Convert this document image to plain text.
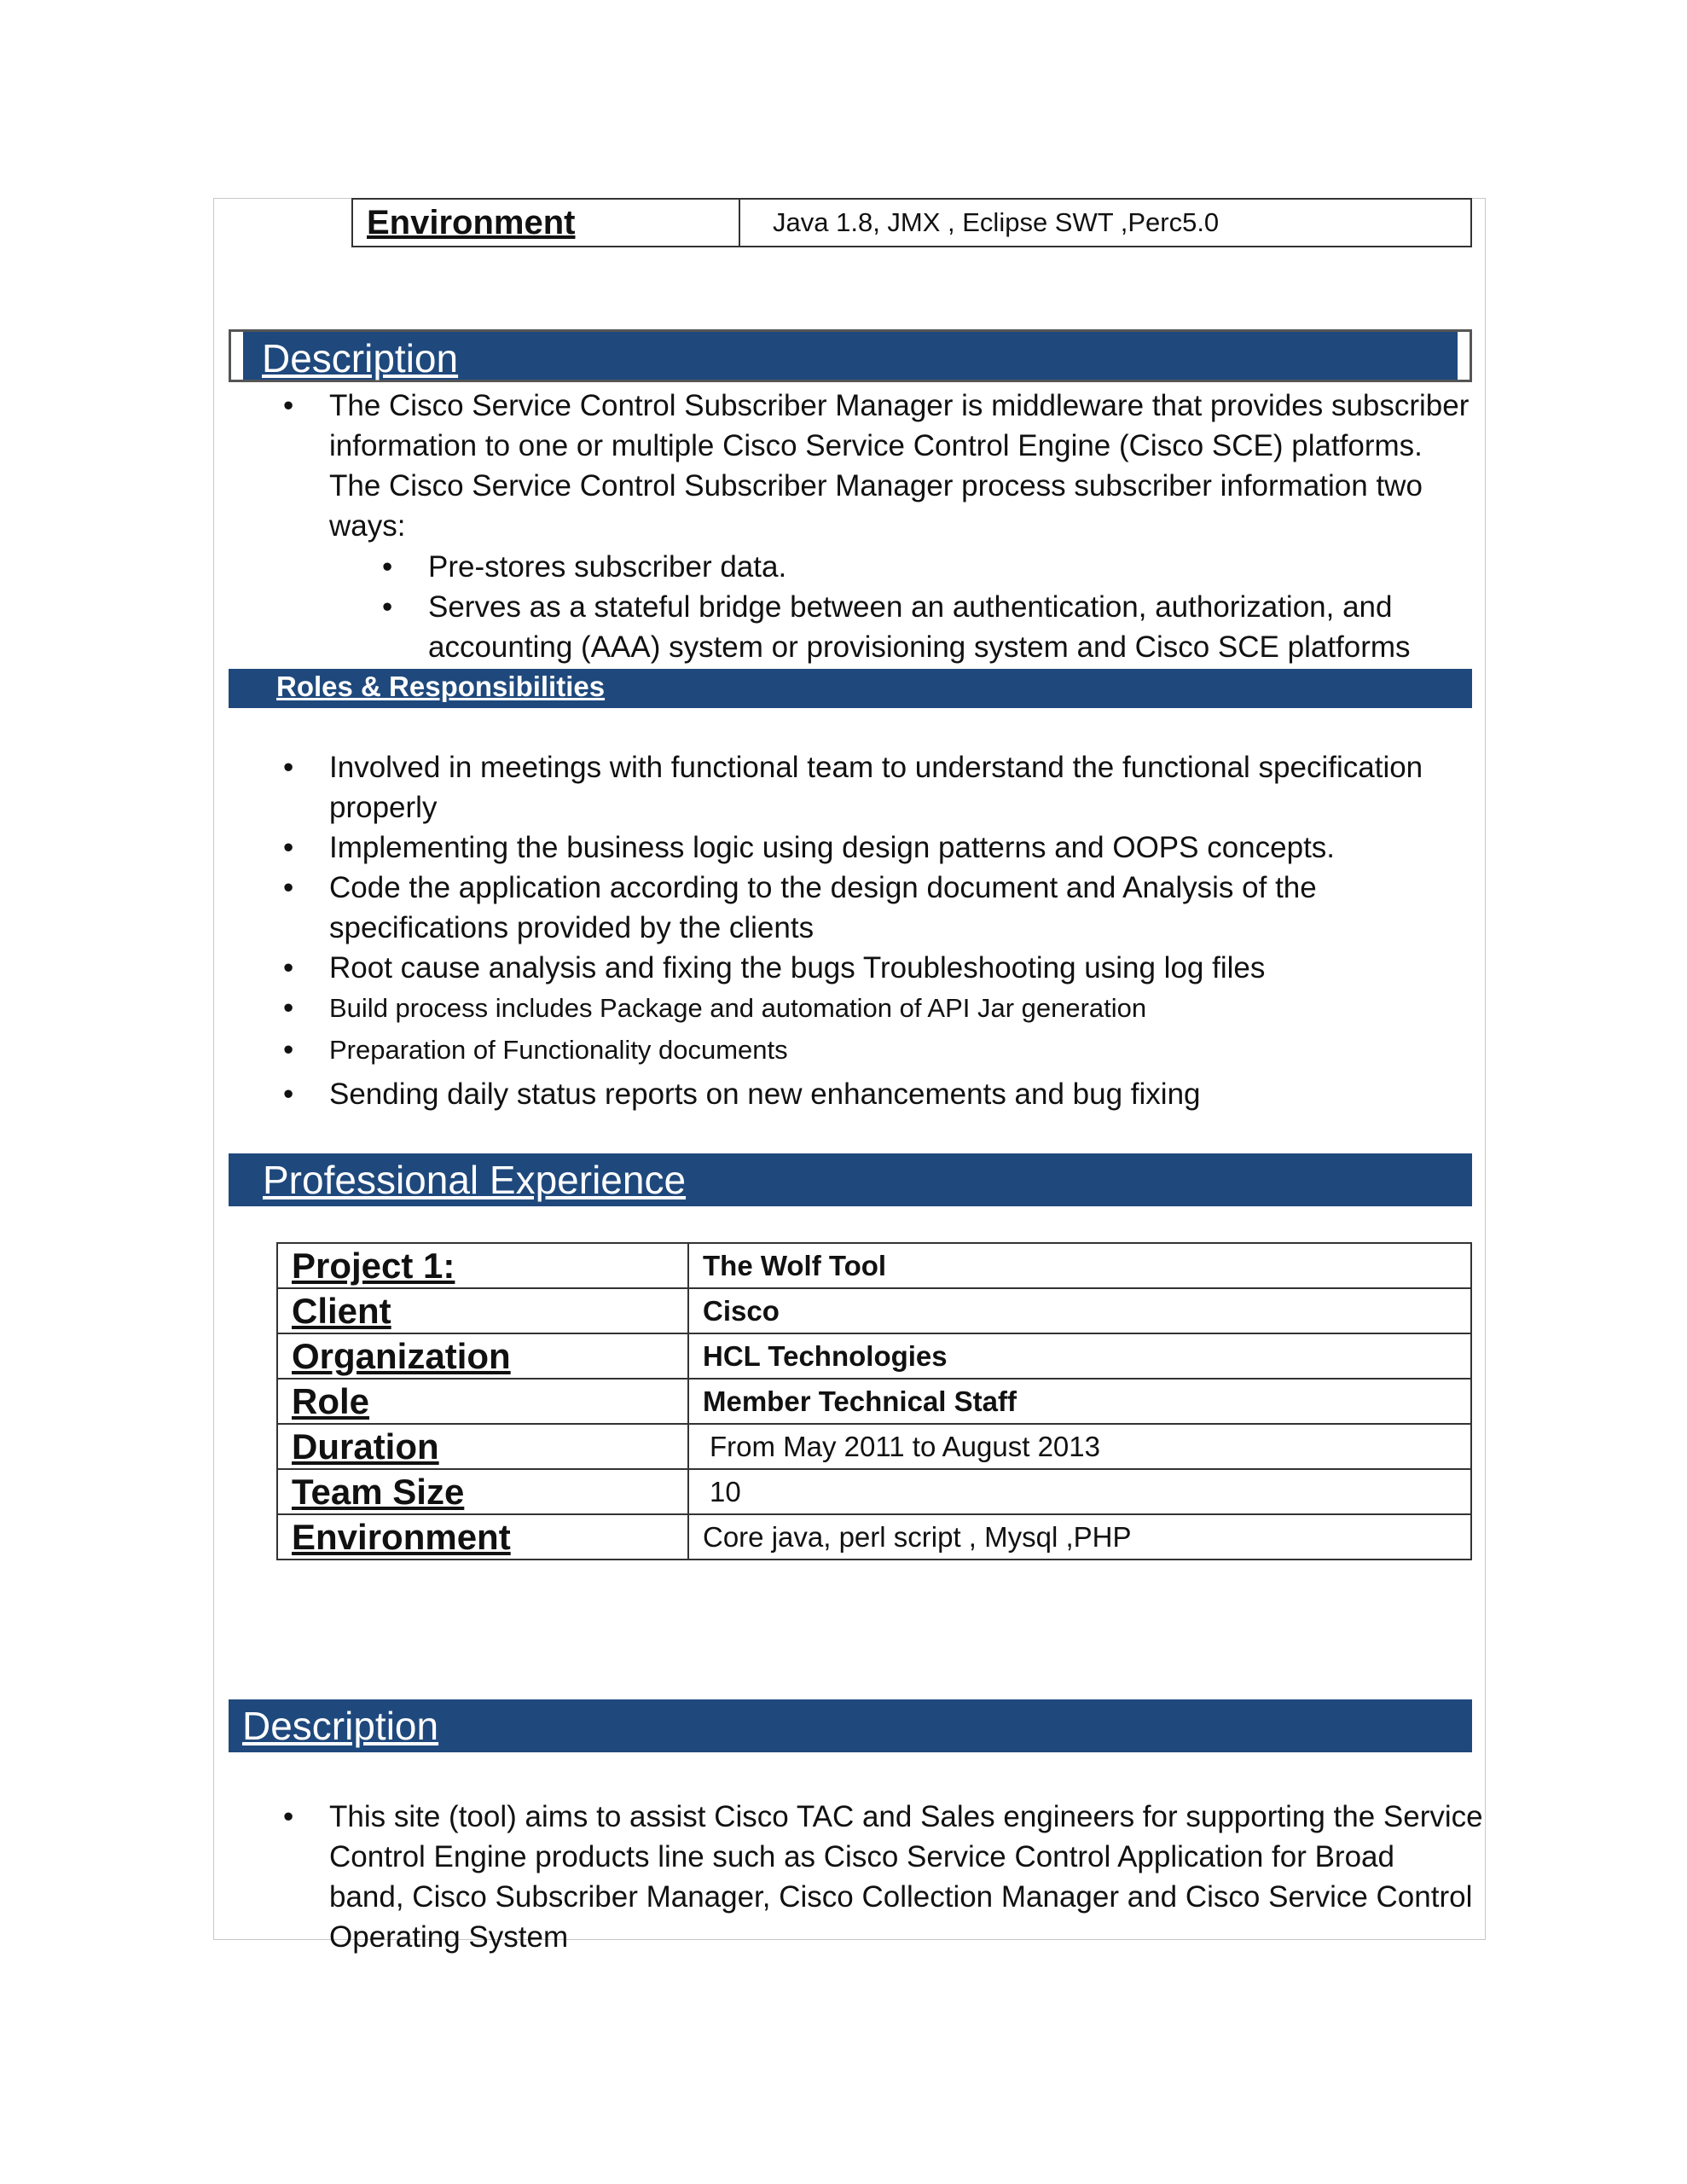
Environment	Java 1.8, JMX , Eclipse SWT ,Perc5.0
Description
• The Cisco Service Control Subscriber Manager is middleware that provides subscriber
information to one or multiple Cisco Service Control Engine (Cisco SCE) platforms.
The Cisco Service Control Subscriber Manager process subscriber information two
ways:
• Pre-stores subscriber data.
• Serves as a stateful bridge between an authentication, authorization, and
accounting (AAA) system or provisioning system and Cisco SCE platforms
Roles & Responsibilities
• Involved in meetings with functional team to understand the functional specification
properly
• Implementing the business logic using design patterns and OOPS concepts.
• Code the application according to the design document and Analysis of the
specifications provided by the clients
• Root cause analysis and fixing the bugs Troubleshooting using log files
• Build process includes Package and automation of API Jar generation
• Preparation of Functionality documents
• Sending daily status reports on new enhancements and bug fixing
Professional Experience
Project 1:	The Wolf Tool
Client	Cisco
Organization	HCL Technologies
Role	Member Technical Staff
Duration	From May 2011 to August 2013
Team Size	10
Environment	Core java, perl script , Mysql ,PHP
Description
• This site (tool) aims to assist Cisco TAC and Sales engineers for supporting the Service
Control Engine products line such as Cisco Service Control Application for Broad
band, Cisco Subscriber Manager, Cisco Collection Manager and Cisco Service Control
Operating System
